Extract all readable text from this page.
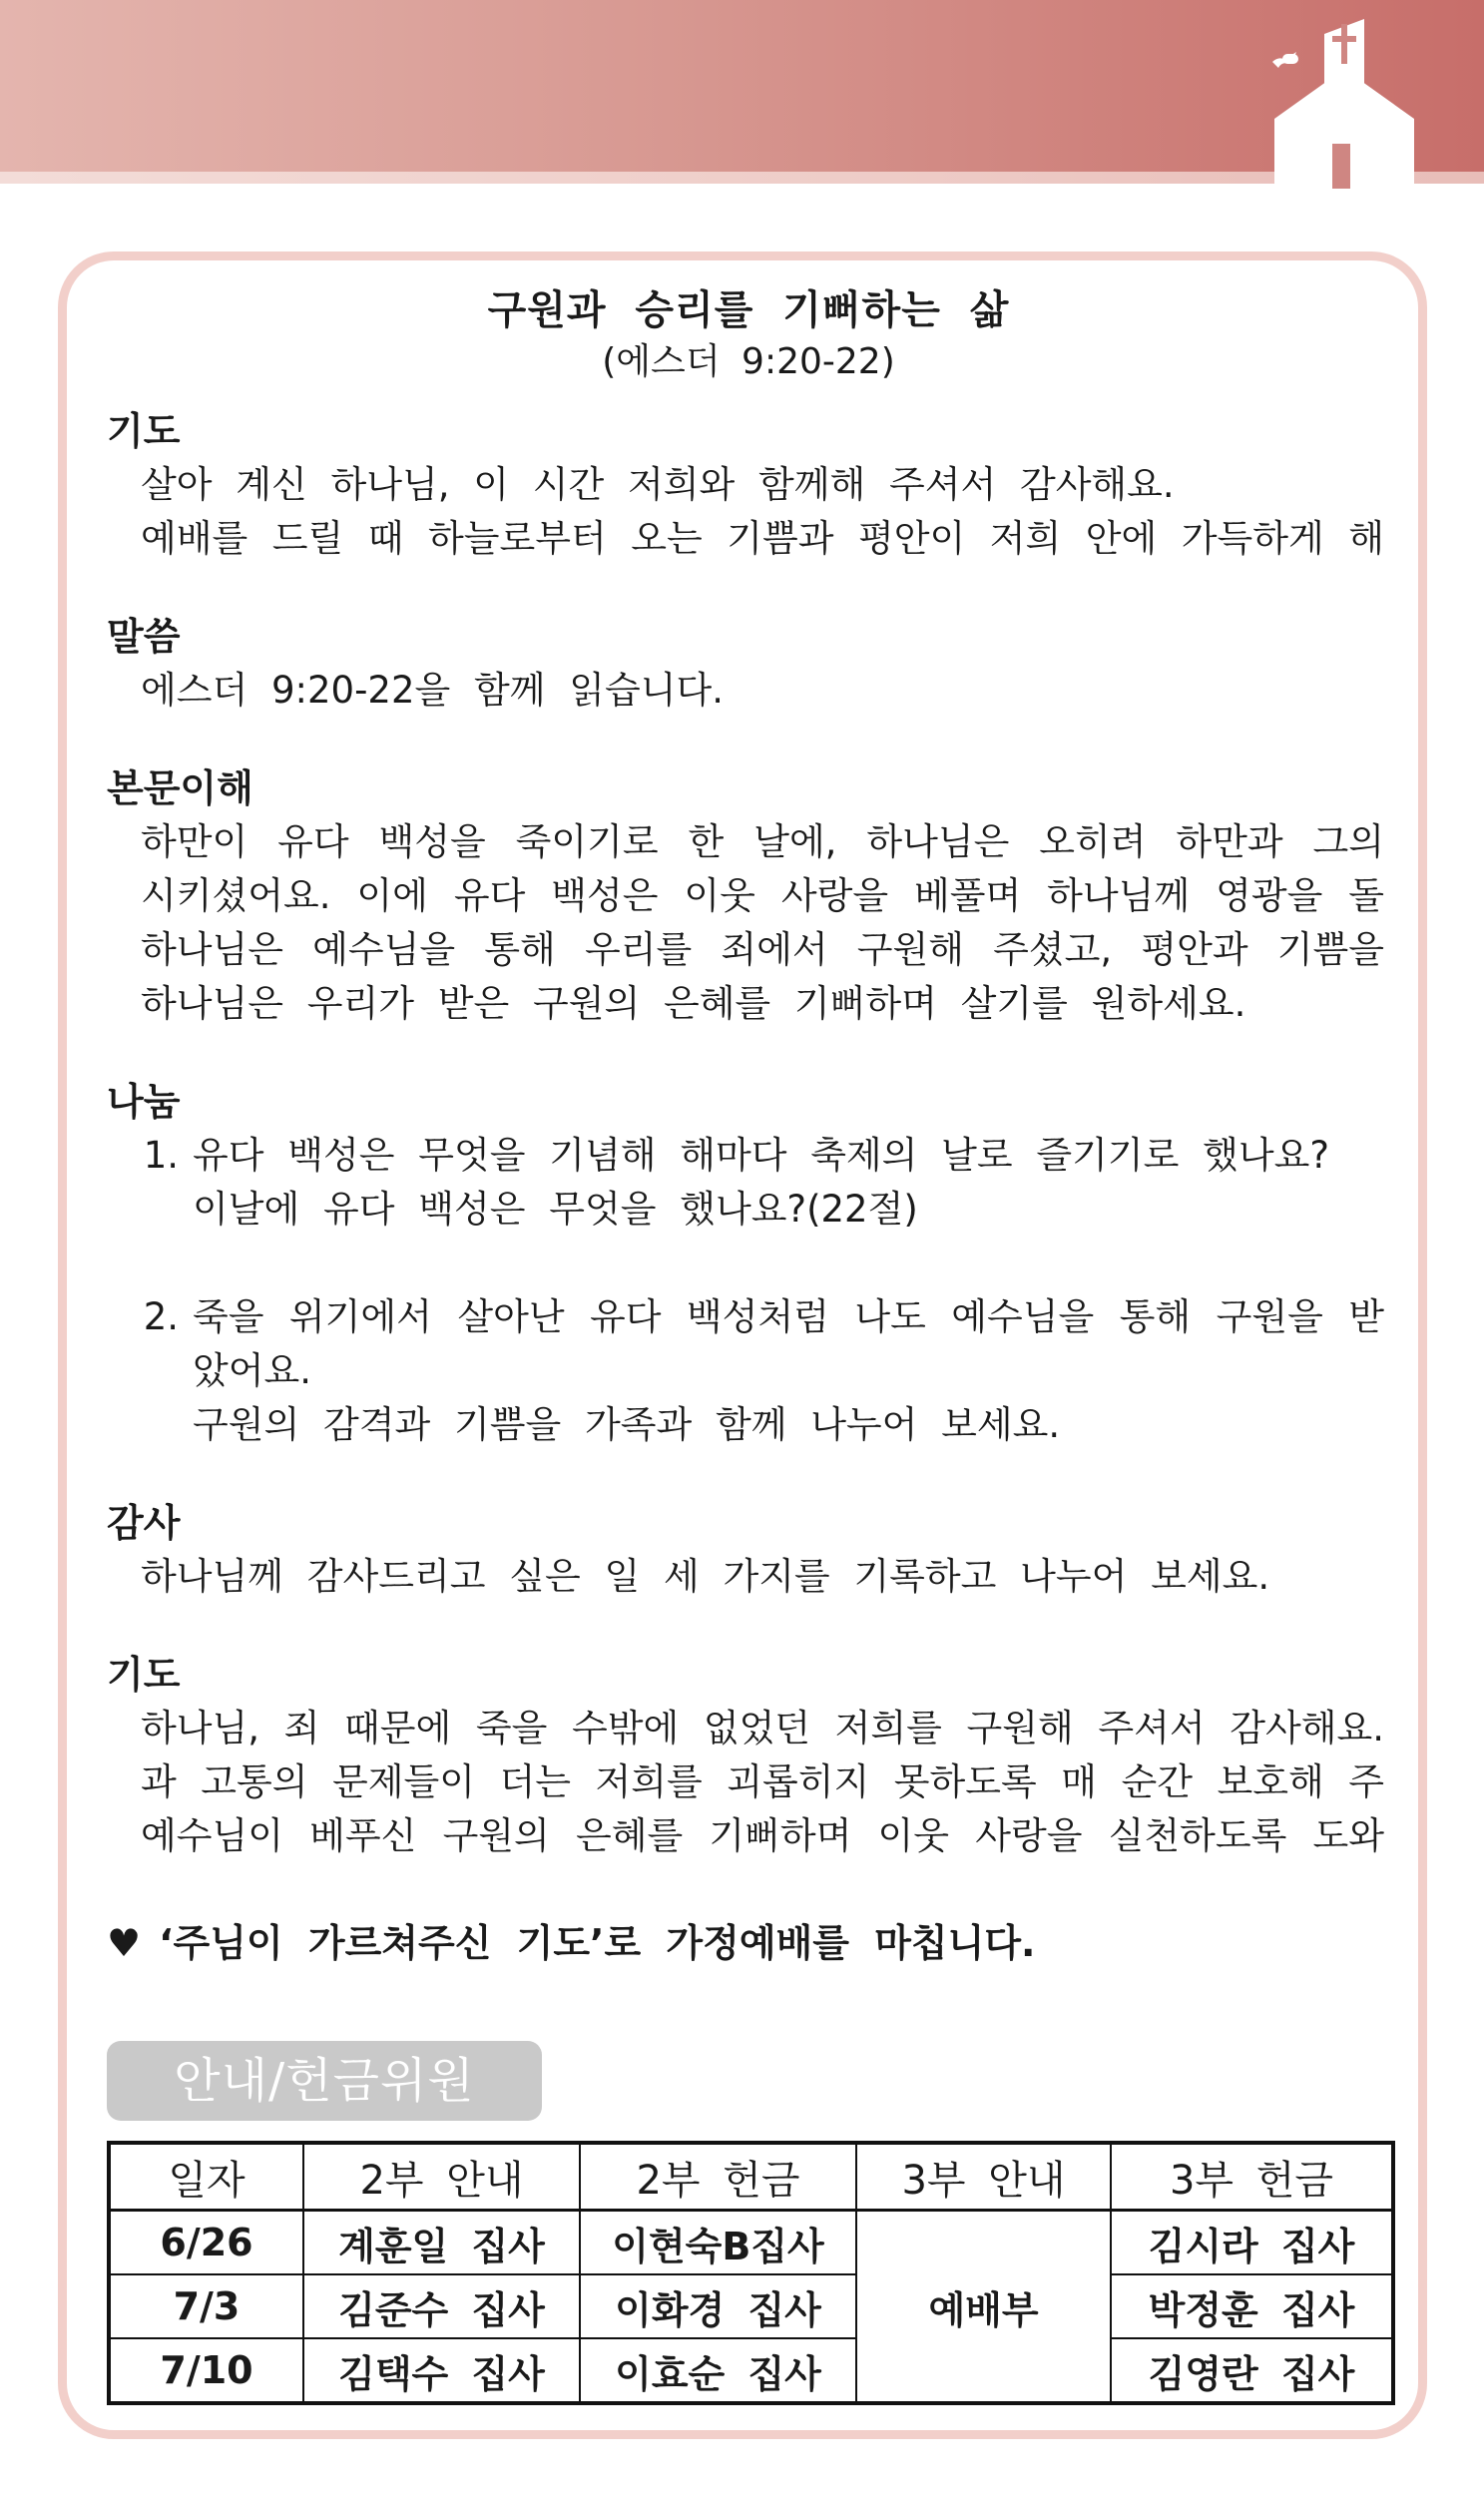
구원과 승리를 기뻐하는 삶
(에스더 9:20-22)
기도
살아 계신 하나님, 이 시간 저희와 함께해 주셔서 감사해요.
예배를 드릴 때 하늘로부터 오는 기쁨과 평안이 저희 안에 가득하게 해
말씀
에스더 9:20-22을 함께 읽습니다.
본문이해
하만이 유다 백성을 죽이기로 한 날에, 하나님은 오히려 하만과 그의
시키셨어요. 이에 유다 백성은 이웃 사랑을 베풀며 하나님께 영광을 돌
하나님은 예수님을 통해 우리를 죄에서 구원해 주셨고, 평안과 기쁨을
하나님은 우리가 받은 구원의 은혜를 기뻐하며 살기를 원하세요.
나눔
1. 유다 백성은 무엇을 기념해 해마다 축제의 날로 즐기기로 했나요?
이날에 유다 백성은 무엇을 했나요?(22절)
2. 죽을 위기에서 살아난 유다 백성처럼 나도 예수님을 통해 구원을 받았어요.
구원의 감격과 기쁨을 가족과 함께 나누어 보세요.
감사
하나님께 감사드리고 싶은 일 세 가지를 기록하고 나누어 보세요.
기도
하나님, 죄 때문에 죽을 수밖에 없었던 저희를 구원해 주셔서 감사해요.
과 고통의 문제들이 더는 저희를 괴롭히지 못하도록 매 순간 보호해 주
예수님이 베푸신 구원의 은혜를 기뻐하며 이웃 사랑을 실천하도록 도와
♥ ‘주님이 가르쳐주신 기도’로 가정예배를 마칩니다.
안내/헌금위원
일자	2부 안내	2부 헌금	3부 안내	3부 헌금
6/26	계훈일 집사	이현숙B집사	예배부	김시라 집사
7/3	김준수 집사	이화경 집사		박정훈 집사
7/10	김택수 집사	이효순 집사		김영란 집사
